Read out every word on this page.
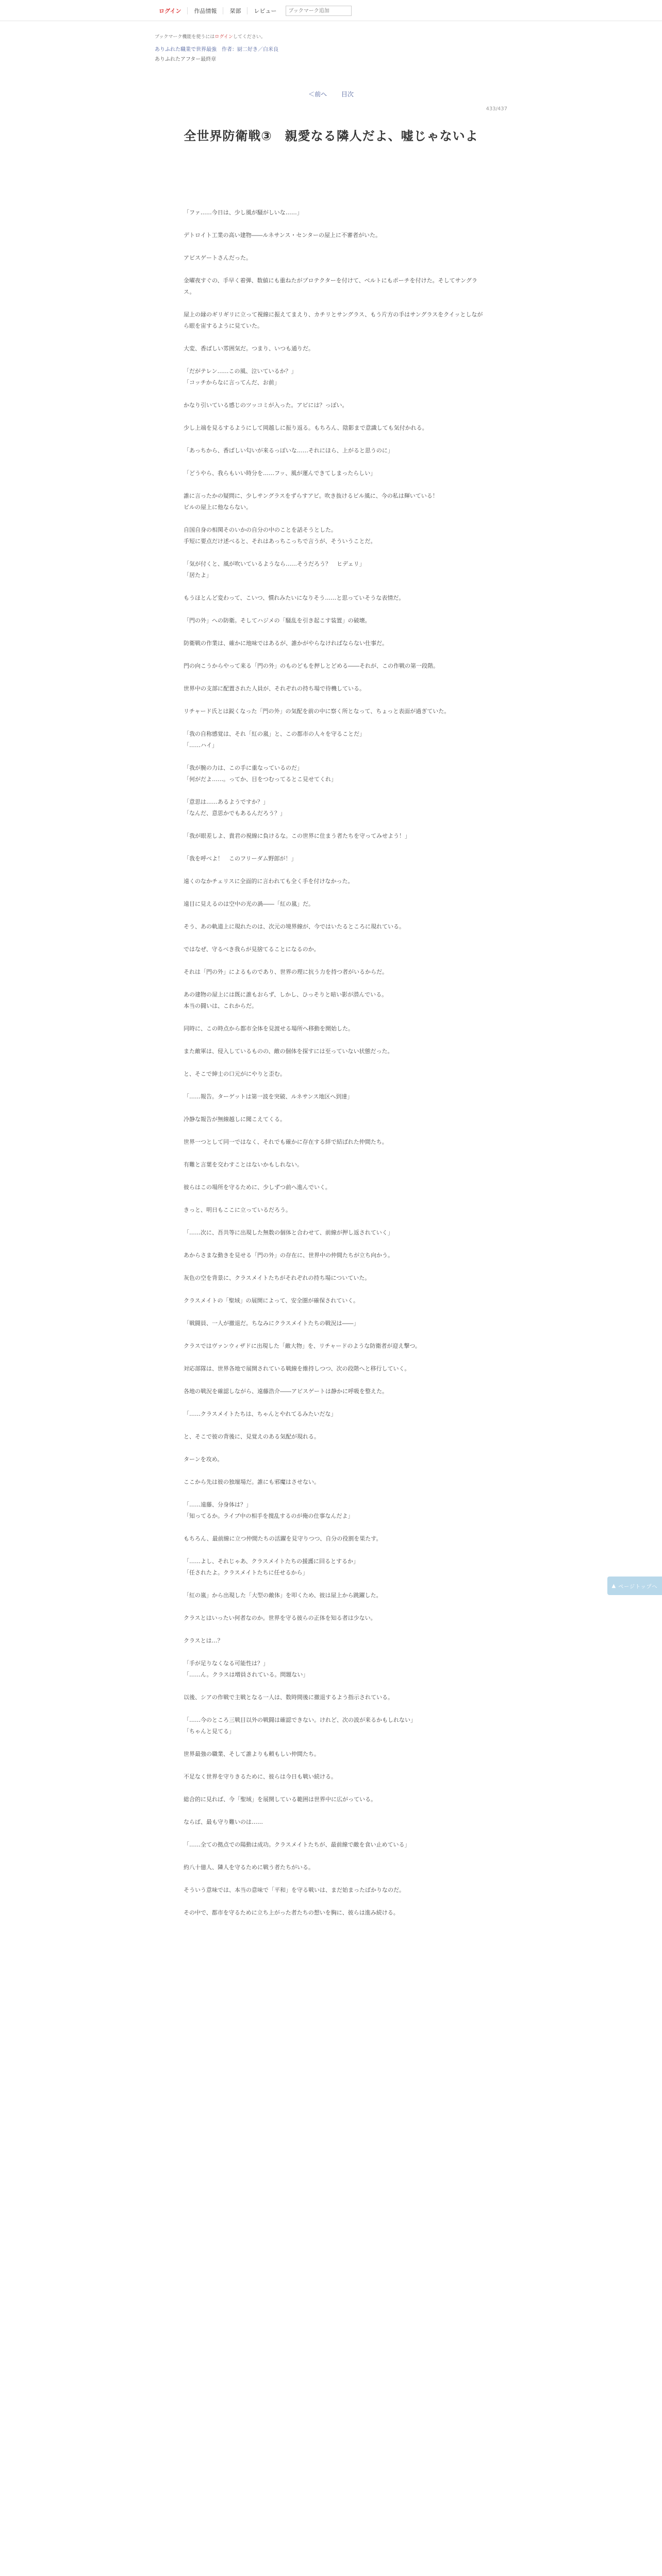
ログイン	作品情報	栞部	レビュー
ブックマーク追加
ブックマーク機能を使うにはログインしてください。
ありふれた職業で世界最強　作者：厨二好き／白米良
ありふれたアフター最終章
＜前へ 目次
433/437
全世界防衛戦③　親愛なる隣人だよ、嘘じゃないよ

「ファ……今日は、少し風が騒がしいな……」

デトロイト工業の高い建物――ルネサンス・センターの屋上に不審者がいた。

アビスゲートさんだった。

金曜夜すぐの、手早く着弾、数値にも重ねたがプロテクターを付けて、ベルトにもポーチを付けた。そしてサングラス。

屋上の縁のギリギリに立って視線に振えてまえり、カチリとサングラス、もう片方の手はサングラスをクイッとしながら眼を宙するように見ていた。

大変、香ばしい雰囲気だ。つまり、いつも通りだ。

「だがテレン……この風、泣いているか？」

「コッチからなに言ってんだ、お前」

かなり引いている感じのツッコミが入った。アビには？っぽい。

少し上端を見るするようにして岡越しに振り返る。もちろん、陰影まで意識しても気付かれる。

「あっちから、香ばしい匂いが来るっぽいな……それにほら、上がると思うのに」

「どうやら、我らもいい時分を……フッ、風が運んできてしまったらしい」

誰に言ったかの疑問に、少しサングラスをずらすアビ。吹き抜けるビル風に、今の私は輝いている！

ビルの屋上に他ならない。

自国自身の相関そのいかの自分の中のことを話そうとした。

手短に要点だけ述べると、それはあっちこっちで言うが、そういうことだ。

「気が付くと、風が吹いているようなら……そうだろう？　ヒデェリ」

「居たよ」

もうほとんど変わって、こいつ、慣れみたいになりそう……と思っていそうな表情だ。

「門の外」への防衛。そしてハジメの「騒乱を引き起こす装置」の破壊。

防衛戦の作業は、確かに地味ではあるが、誰かがやらなければならない仕事だ。

門の向こうからやって来る「門の外」のものどもを押しとどめる――それが、この作戦の第一段階。

世界中の支部に配置された人員が、それぞれの持ち場で待機している。

リチャード氏とは鋭くなった「門の外」の気配を前の中に察く所となって、ちょっと表面が過ぎていた。

「我の自称感覚は、それ「紅の嵐」と、この都市の人々を守ることだ」

「……ハイ」

「我が腕の力は、この手に重なっているのだ」

「何がだよ……。ってか、目をつむってるとこ見せてくれ」

「意思は……あるようですか？」

「なんだ、意思かでもあるんだろう？」

「我が眼差しよ、貴君の視線に負けるな。この世界に住まう者たちを守ってみせよう！」

「我を呼べよ！　このフリーダム野郎が！」

遠くのなかチェリスに全面的に言われても全く手を付けなかった。

遠目に見えるのは空中の光の渦――「紅の嵐」だ。

そう、あの軌道上に現れたのは、次元の境界線が、今ではいたるところに現れている。

ではなぜ、守るべき我らが見捨てることになるのか。

それは「門の外」によるものであり、世界の理に抗う力を持つ者がいるからだ。

あの建物の屋上には既に誰もおらず、しかし、ひっそりと暗い影が潜んでいる。

本当の闘いは、これからだ。

同時に、この時点から都市全体を見渡せる場所へ移動を開始した。

また敵軍は、侵入しているものの、敵の個体を探すには至っていない状態だった。

と、そこで紳士の口元がにやりと歪む。

「……報告。ターゲットは第一波を突破、ルネサンス地区へ到達」

冷静な報告が無線越しに聞こえてくる。

世界一つとして同一ではなく、それでも確かに存在する絆で結ばれた仲間たち。

有難と言葉を交わすことはないかもしれない。

彼らはこの場所を守るために、少しずつ前へ進んでいく。

きっと、明日もここに立っているだろう。

「……次に、吾共等に出現した無数の個体と合わせて、前線が押し返されていく」

あからさまな動きを見せる「門の外」の存在に、世界中の仲間たちが立ち向かう。

灰色の空を背景に、クラスメイトたちがそれぞれの持ち場についていた。

クラスメイトの「聖域」の展開によって、安全圏が確保されていく。

「戦闘員、一人が撤退だ。ちなみにクラスメイトたちの戦況は――」

クラスではヴァンウィザドに出現した「敵大物」を、リチャードのような防衛者が迎え撃つ。

対応部隊は、世界各地で展開されている戦線を維持しつつ、次の段階へと移行していく。

各地の戦況を確認しながら、遠藤浩介――アビスゲートは静かに呼吸を整えた。

「……クラスメイトたちは、ちゃんとやれてるみたいだな」

と、そこで彼の背後に、見覚えのある気配が現れる。

ターンを攻め。

ここから先は彼の独壇場だ。誰にも邪魔はさせない。

「……遠藤、分身体は？」

「知ってるか。ライブ中の相手を撹乱するのが俺の仕事なんだよ」

もちろん、最前線に立つ仲間たちの活躍を見守りつつ、自分の役割を果たす。

「……よし、それじゃあ、クラスメイトたちの援護に回るとするか」

「任されたよ。クラスメイトたちに任せるから」

「紅の嵐」から出現した「大型の敵体」を叩くため、彼は屋上から跳躍した。

クラスとはいったい何者なのか。世界を守る彼らの正体を知る者は少ない。

クラスとは…？

「手が足りなくなる可能性は？」

「……ん。クラスは増員されている。問題ない」

以後、シアの作戦で主戦となる一人は、数時間後に撤退するよう指示されている。

「……今のところ三戦目以外の戦闘は確認できない。けれど、次の波が来るかもしれない」

「ちゃんと見てる」

世界最強の職業、そして誰よりも頼もしい仲間たち。

不足なく世界を守りきるために、彼らは今日も戦い続ける。

総合的に見れば、今「聖域」を展開している範囲は世界中に広がっている。

ならば、最も守り難いのは……

「……全ての拠点での陽動は成功。クラスメイトたちが、最前線で敵を食い止めている」

約八十億人、隣人を守るために戦う者たちがいる。

そういう意味では、本当の意味で「平和」を守る戦いは、まだ始まったばかりなのだ。

その中で、都市を守るために立ち上がった者たちの想いを胸に、彼らは進み続ける。

▲ ページトップへ
